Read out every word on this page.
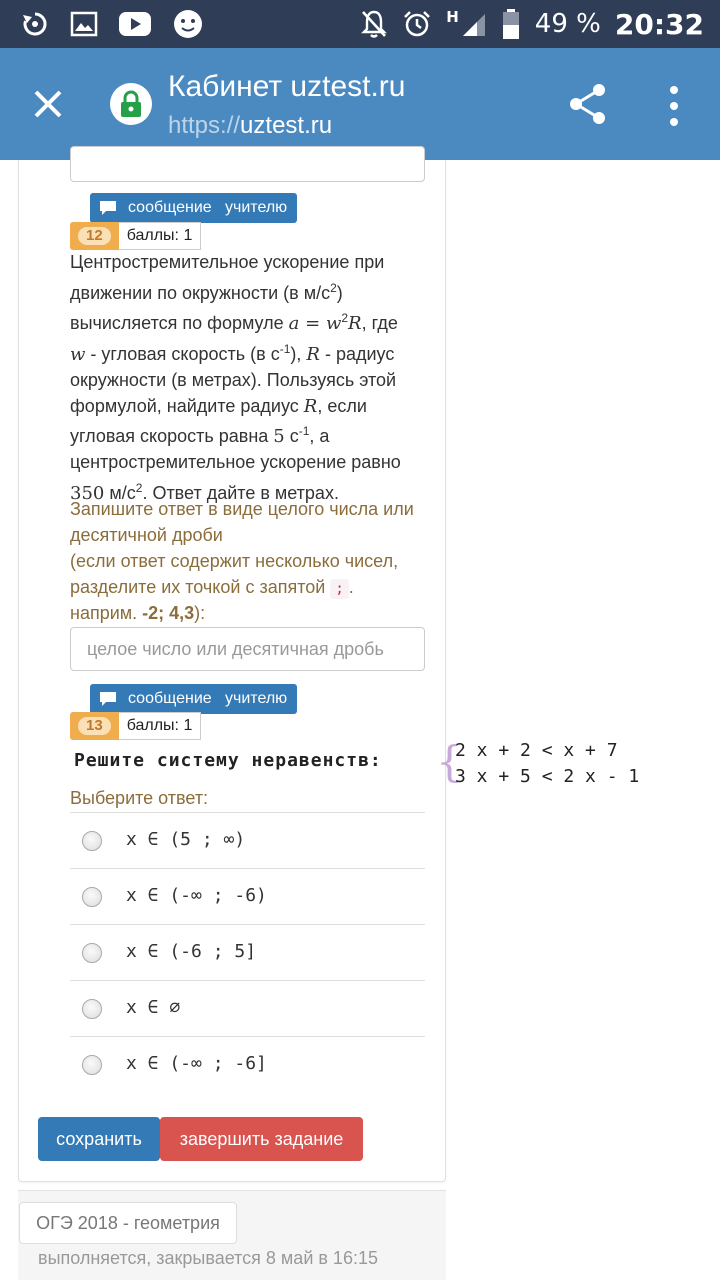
H	49 % 20:32
Кабинет uztest.ru
https://uztest.ru
сообщение   учителю
12	баллы: 1
Центростремительное ускорение при
движении по окружности (в $м/с^2$)
вычисляется по формуле $a = w^2R$, где
w - угловая скорость (в $с^{-1}$), R - радиус
окружности (в метрах). Пользуясь этой
формулой, найдите радиус R, если
угловая скорость равна 5 $с^{-1}$, а
центростремительное ускорение равно
350 $м/с^2$. Ответ дайте в метрах.
Запишите ответ в виде целого числа или десятичной дроби
(если ответ содержит несколько чисел, разделите их точкой с запятой ; .
наприм. -2; 4,3):
целое число или десятичная дробь
сообщение   учителю
13	баллы: 1
Решите систему неравенств: {
2 x + 2 < x + 7
3 x + 5 < 2 x - 1
Выберите ответ:
x ∈ (5 ; ∞)
x ∈ (-∞ ; -6)
x ∈ (-6 ; 5]
x ∈ ∅
x ∈ (-∞ ; -6]
сохранить	завершить задание
ОГЭ 2018 - геометрия
выполняется, закрывается 8 май в 16:15
